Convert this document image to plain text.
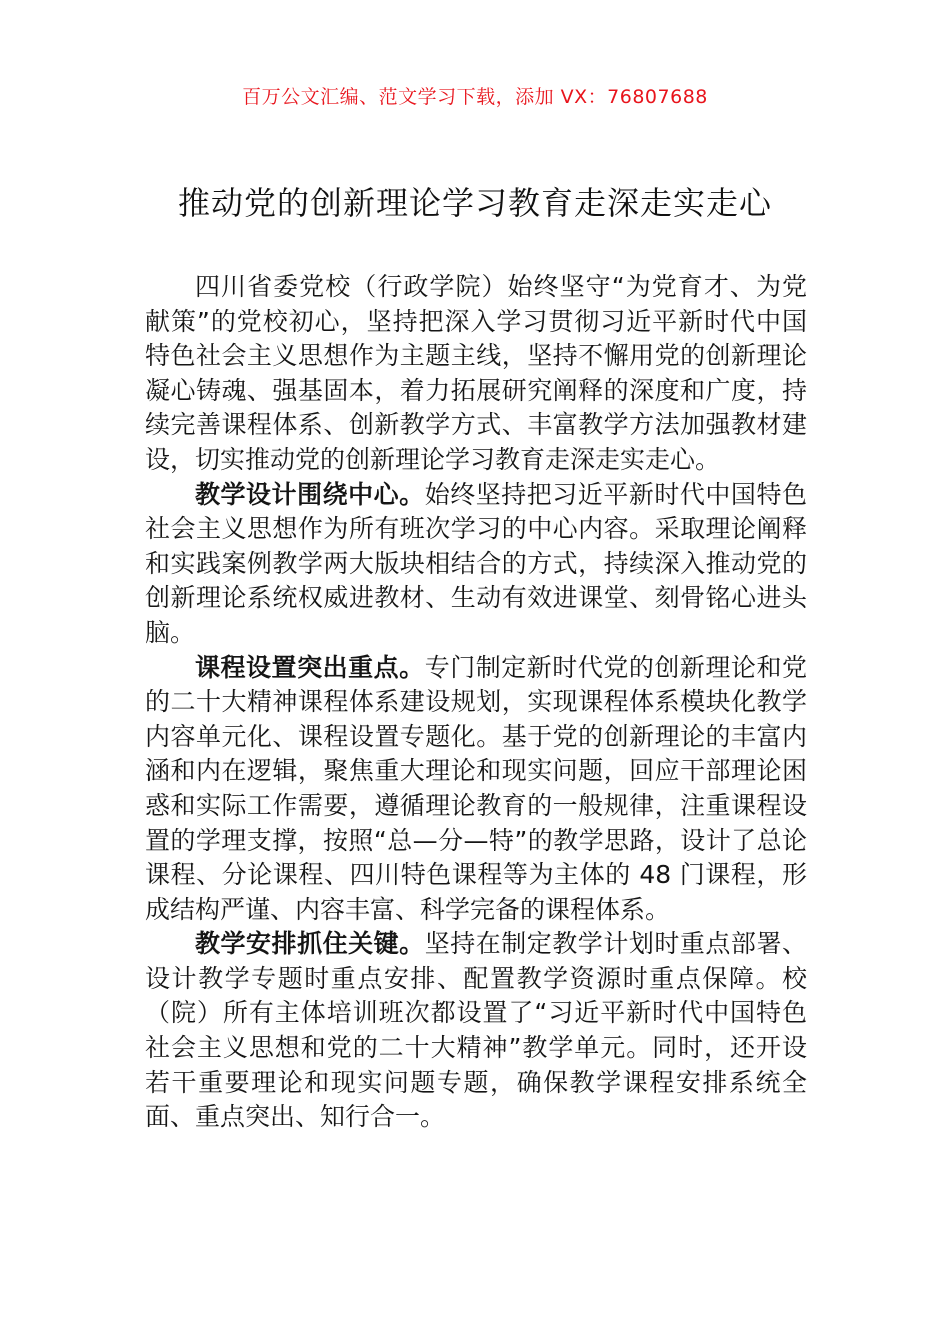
百万公文汇编、范文学习下载，添加 VX：76807688
推动党的创新理论学习教育走深走实走心

四川省委党校（行政学院）始终坚守“为党育才、为党献策”的党校初心，坚持把深入学习贯彻习近平新时代中国特色社会主义思想作为主题主线，坚持不懈用党的创新理论凝心铸魂、强基固本，着力拓展研究阐释的深度和广度，持续完善课程体系、创新教学方式、丰富教学方法加强教材建设，切实推动党的创新理论学习教育走深走实走心。

教学设计围绕中心。始终坚持把习近平新时代中国特色社会主义思想作为所有班次学习的中心内容。采取理论阐释和实践案例教学两大版块相结合的方式，持续深入推动党的创新理论系统权威进教材、生动有效进课堂、刻骨铭心进头脑。

课程设置突出重点。专门制定新时代党的创新理论和党的二十大精神课程体系建设规划，实现课程体系模块化教学内容单元化、课程设置专题化。基于党的创新理论的丰富内涵和内在逻辑，聚焦重大理论和现实问题，回应干部理论困惑和实际工作需要，遵循理论教育的一般规律，注重课程设置的学理支撑，按照“总—分—特”的教学思路，设计了总论课程、分论课程、四川特色课程等为主体的 48 门课程，形成结构严谨、内容丰富、科学完备的课程体系。

教学安排抓住关键。坚持在制定教学计划时重点部署、设计教学专题时重点安排、配置教学资源时重点保障。校（院）所有主体培训班次都设置了“习近平新时代中国特色社会主义思想和党的二十大精神”教学单元。同时，还开设若干重要理论和现实问题专题，确保教学课程安排系统全面、重点突出、知行合一。
